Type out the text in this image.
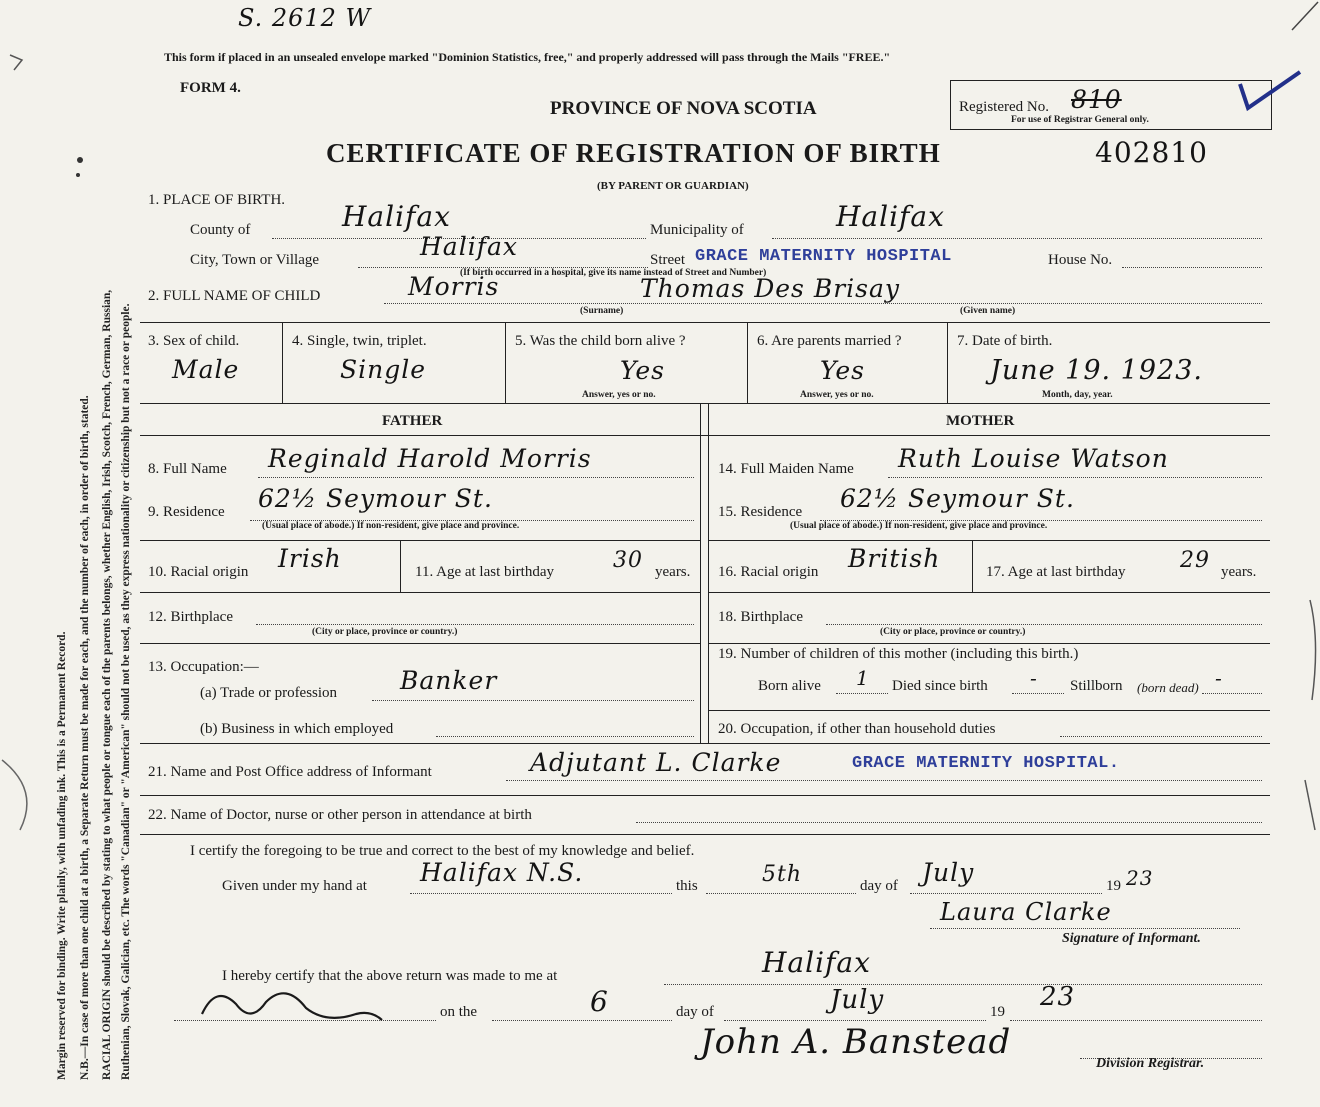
Margin reserved for binding. Write plainly, with unfading ink. This is a Permanent Record. N.B.—In case of more than one child at a birth, a Separate Return must be made for each, and the number of each, in order of birth, stated. RACIAL ORIGIN should be described by stating to what people or tongue each of the parents belongs, whether English, Irish, Scotch, French, German, Russian, Ruthenian, Slovak, Galician, etc. The words "Canadian" or "American" should not be used, as they express nationality or citizenship but not a race or people.
S. 2612 W
This form if placed in an unsealed envelope marked "Dominion Statistics, free," and properly addressed will pass through the Mails "FREE."
FORM 4.
PROVINCE OF NOVA SCOTIA	Registered No. 810
For use of Registrar General only.
CERTIFICATE OF REGISTRATION OF BIRTH	402810
(BY PARENT OR GUARDIAN)
1. PLACE OF BIRTH.
County of	Halifax	Municipality of	Halifax
City, Town or Village	Halifax	Street GRACE MATERNITY HOSPITAL	House No.
(If birth occurred in a hospital, give its name instead of Street and Number)
2. FULL NAME OF CHILD	Morris	Thomas Des Brisay
(Surname)	(Given name)
3. Sex of child.
Male
4. Single, twin, triplet.
Single
5. Was the child born alive ?
Yes
Answer, yes or no.
6. Are parents married ?
Yes
Answer, yes or no.
7. Date of birth.
June 19. 1923.
Month, day, year.
FATHER	MOTHER
8. Full Name Reginald Harold Morris
9. Residence 62½ Seymour St.
(Usual place of abode.) If non-resident, give place and province.
10. Racial origin Irish	11. Age at last birthday	30 years.
12. Birthplace
(City or place, province or country.)
13. Occupation:—
(a) Trade or profession	Banker
(b) Business in which employed
14. Full Maiden Name Ruth Louise Watson
15. Residence 62½ Seymour St.
(Usual place of abode.) If non-resident, give place and province.
16. Racial origin British	17. Age at last birthday 29 years.
18. Birthplace
(City or place, province or country.)
19. Number of children of this mother (including this birth.)
Born alive 1 Died since birth - Stillborn (born dead) -
20. Occupation, if other than household duties
21. Name and Post Office address of Informant	Adjutant L. Clarke	GRACE MATERNITY HOSPITAL.
22. Name of Doctor, nurse or other person in attendance at birth
I certify the foregoing to be true and correct to the best of my knowledge and belief.
Given under my hand at Halifax N.S.	this	5th	day of July	19 23
Laura Clarke
Signature of Informant.
I hereby certify that the above return was made to me at	Halifax
on the	6	day of	July	19 23
John A. Banstead
Division Registrar.
